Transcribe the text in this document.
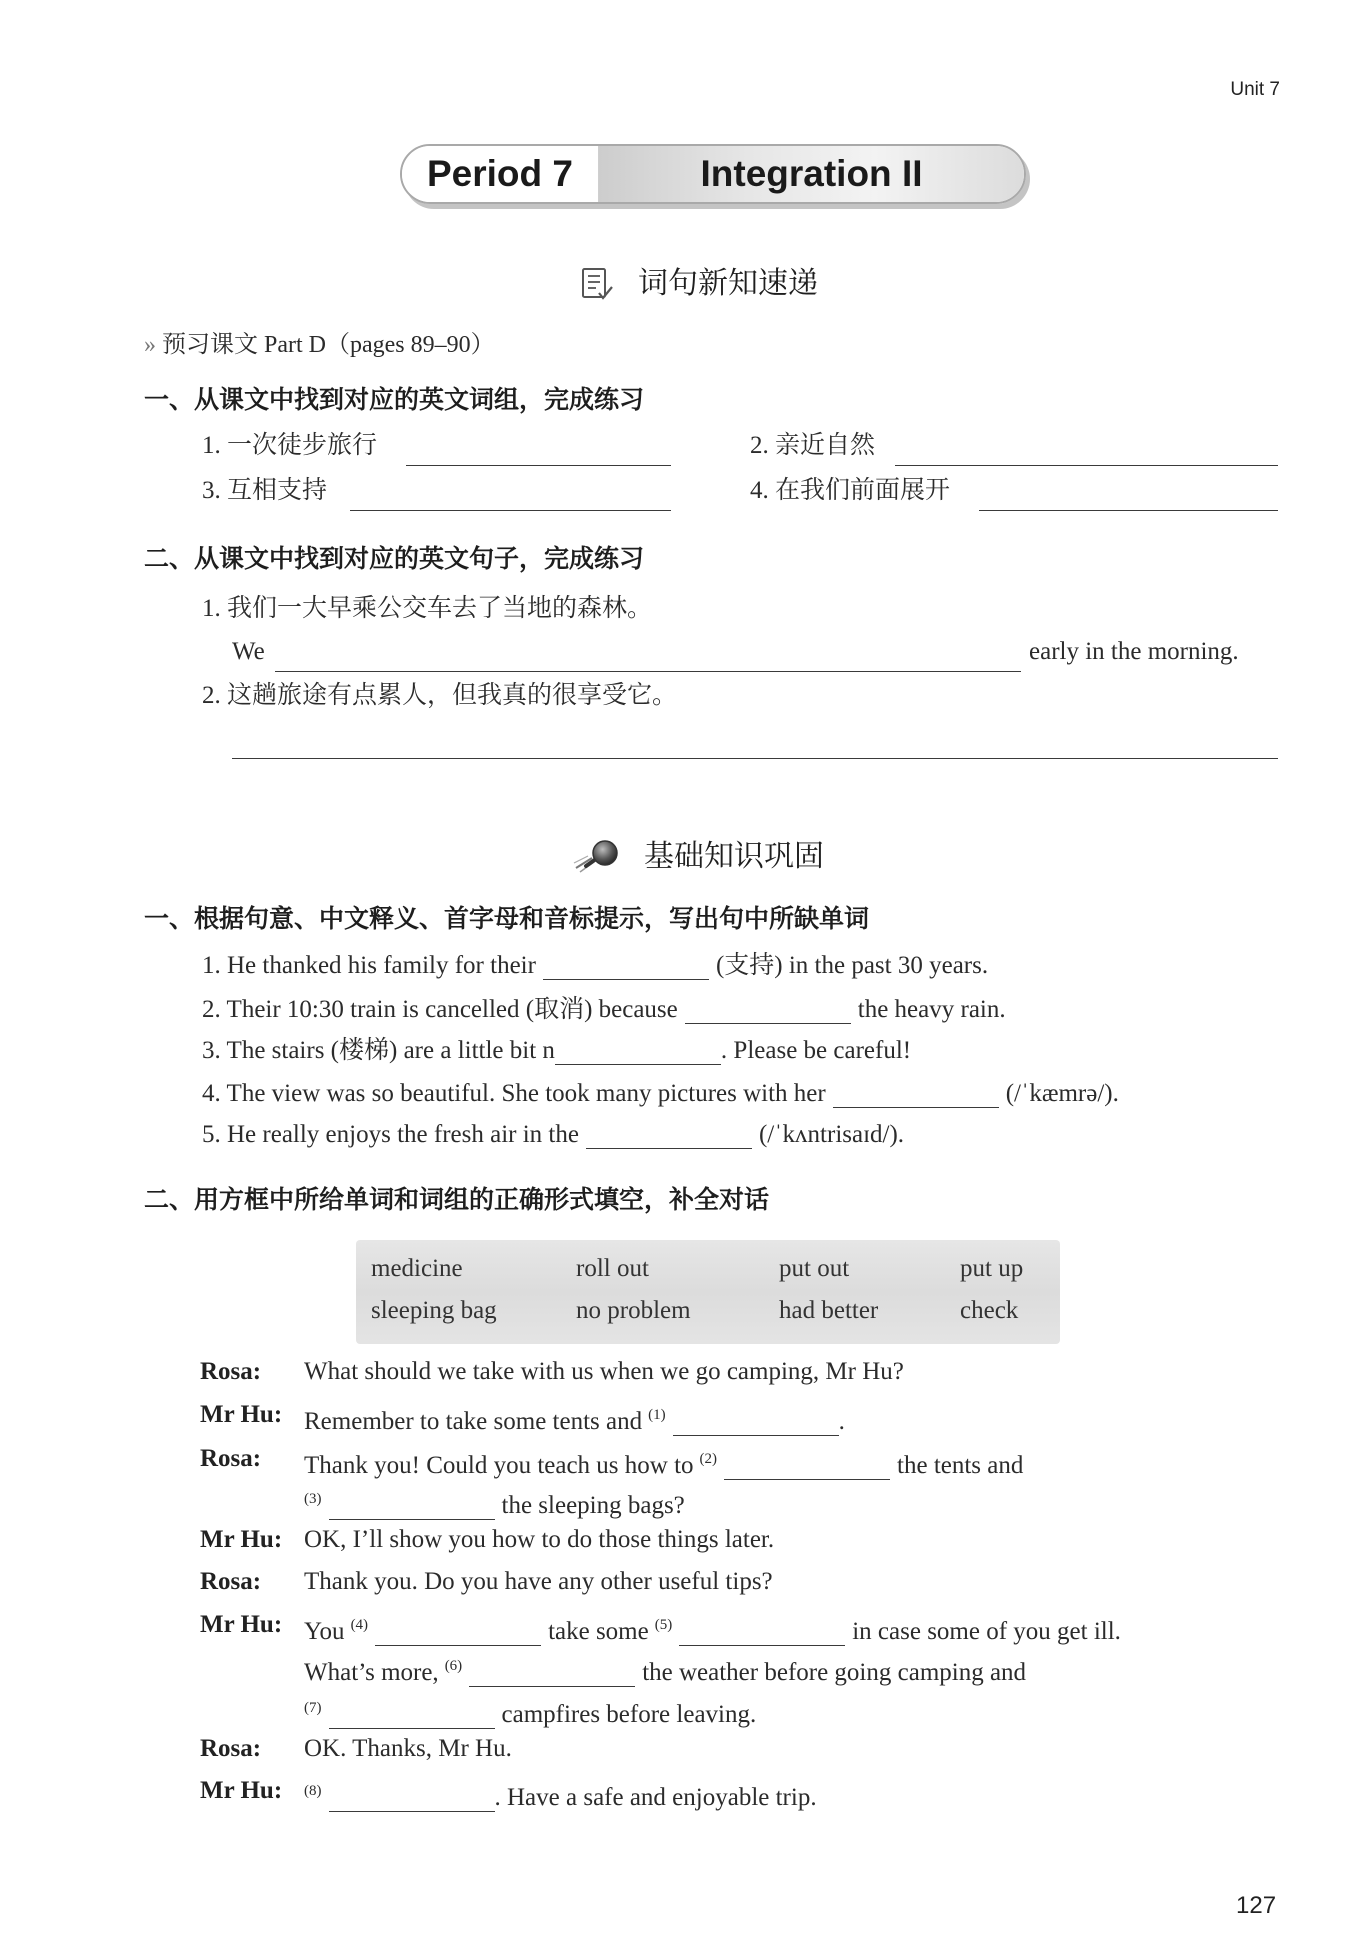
Unit 7
Period 7	Integration II
词句新知速递
» 预习课文 Part D（pages 89–90）
一、从课文中找到对应的英文词组，完成练习
1. 一次徒步旅行	2. 亲近自然
3. 互相支持	4. 在我们前面展开
二、从课文中找到对应的英文句子，完成练习
1. 我们一大早乘公交车去了当地的森林。
We	early in the morning.
2. 这趟旅途有点累人，但我真的很享受它。
基础知识巩固
一、根据句意、中文释义、首字母和音标提示，写出句中所缺单词
1. He thanked his family for their	(支持) in the past 30 years.
2. Their 10:30 train is cancelled (取消) because	the heavy rain.
3. The stairs (楼梯) are a little bit n	. Please be careful!
4. The view was so beautiful. She took many pictures with her	(/ˈkæmrə/).
5. He really enjoys the fresh air in the	(/ˈkʌntrisaɪd/).
二、用方框中所给单词和词组的正确形式填空，补全对话
medicine	roll out	put out	put up
sleeping bag	no problem	had better	check
Rosa: What should we take with us when we go camping, Mr Hu?
Mr Hu: Remember to take some tents and $^{(1)}$	.
Rosa: Thank you! Could you teach us how to $^{(2)}$	the tents and
$^{(3)}$	the sleeping bags?
Mr Hu: OK, I’ll show you how to do those things later.
Rosa: Thank you. Do you have any other useful tips?
Mr Hu: You $^{(4)}$	take some $^{(5)}$	in case some of you get ill.
What’s more, $^{(6)}$	the weather before going camping and
$^{(7)}$	campfires before leaving.
Rosa: OK. Thanks, Mr Hu.
Mr Hu: $^{(8)}$	. Have a safe and enjoyable trip.
127
